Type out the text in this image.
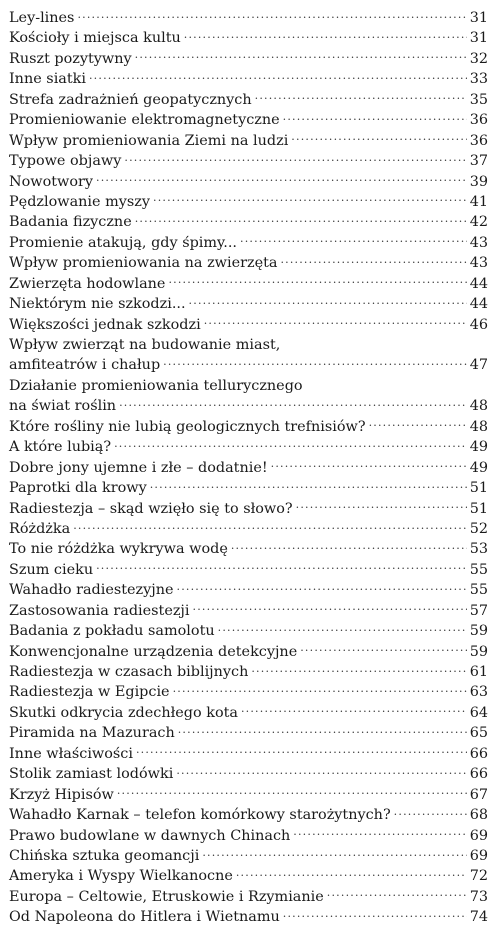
Ley-lines .....	31
Kościoły i miejsca kultu .....	31
Ruszt pozytywny .....	32
Inne siatki .....	33
Strefa zadrażnień geopatycznych .....	35
Promieniowanie elektromagnetyczne .....	36
Wpływ promieniowania Ziemi na ludzi .....	36
Typowe objawy .....	37
Nowotwory .....	39
Pędzlowanie myszy .....	41
Badania fizyczne .....	42
Promienie atakują, gdy śpimy... .....	43
Wpływ promieniowania na zwierzęta .....	43
Zwierzęta hodowlane .....	44
Niektórym nie szkodzi... .....	44
Większości jednak szkodzi .....	46
Wpływ zwierząt na budowanie miast,
amfiteatrów i chałup .....	47
Działanie promieniowania tellurycznego
na świat roślin .....	48
Które rośliny nie lubią geologicznych trefnisiów? .....	48
A które lubią? .....	49
Dobre jony ujemne i złe – dodatnie! .....	49
Paprotki dla krowy .....	51
Radiestezja – skąd wzięło się to słowo? .....	51
Różdżka .....	52
To nie różdżka wykrywa wodę .....	53
Szum cieku .....	55
Wahadło radiestezyjne .....	55
Zastosowania radiestezji .....	57
Badania z pokładu samolotu .....	59
Konwencjonalne urządzenia detekcyjne .....	59
Radiestezja w czasach biblijnych .....	61
Radiestezja w Egipcie .....	63
Skutki odkrycia zdechłego kota .....	64
Piramida na Mazurach .....	65
Inne właściwości .....	66
Stolik zamiast lodówki .....	66
Krzyż Hipisów .....	67
Wahadło Karnak – telefon komórkowy starożytnych? .....	68
Prawo budowlane w dawnych Chinach .....	69
Chińska sztuka geomancji .....	69
Ameryka i Wyspy Wielkanocne .....	72
Europa – Celtowie, Etruskowie i Rzymianie .....	73
Od Napoleona do Hitlera i Wietnamu .....	74
